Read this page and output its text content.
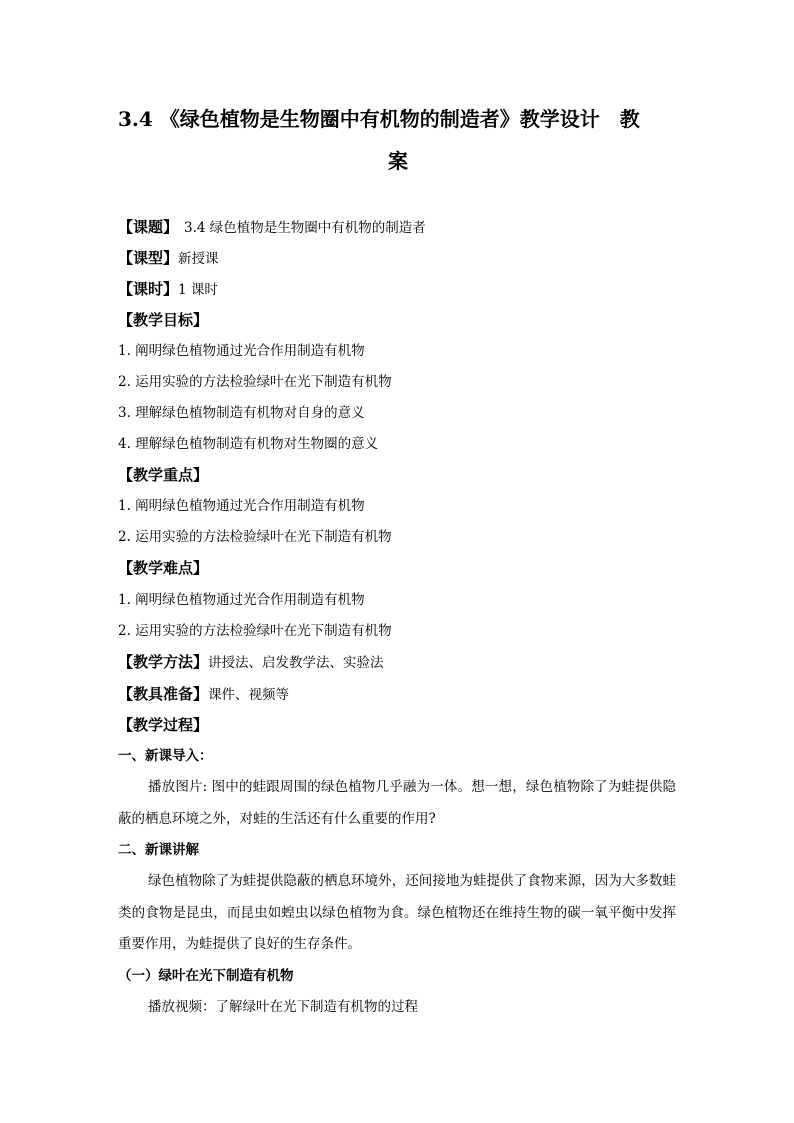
3.4 《绿色植物是生物圈中有机物的制造者》教学设计　教
案
【课题】 3.4 绿色植物是生物圈中有机物的制造者
【课型】新授课
【课时】1 课时
【教学目标】
1. 阐明绿色植物通过光合作用制造有机物
2. 运用实验的方法检验绿叶在光下制造有机物
3. 理解绿色植物制造有机物对自身的意义
4. 理解绿色植物制造有机物对生物圈的意义
【教学重点】
1. 阐明绿色植物通过光合作用制造有机物
2. 运用实验的方法检验绿叶在光下制造有机物
【教学难点】
1. 阐明绿色植物通过光合作用制造有机物
2. 运用实验的方法检验绿叶在光下制造有机物
【教学方法】讲授法、启发教学法、实验法
【教具准备】课件、视频等
【教学过程】
一、新课导入：
播放图片: 图中的蛙跟周围的绿色植物几乎融为一体。想一想，绿色植物除了为蛙提供隐蔽的栖息环境之外，对蛙的生活还有什么重要的作用?
二、新课讲解
绿色植物除了为蛙提供隐蔽的栖息环境外，还间接地为蛙提供了食物来源，因为大多数蛙类的食物是昆虫，而昆虫如蝗虫以绿色植物为食。绿色植物还在维持生物的碳一氧平衡中发挥重要作用，为蛙提供了良好的生存条件。
（一）绿叶在光下制造有机物
播放视频：了解绿叶在光下制造有机物的过程
